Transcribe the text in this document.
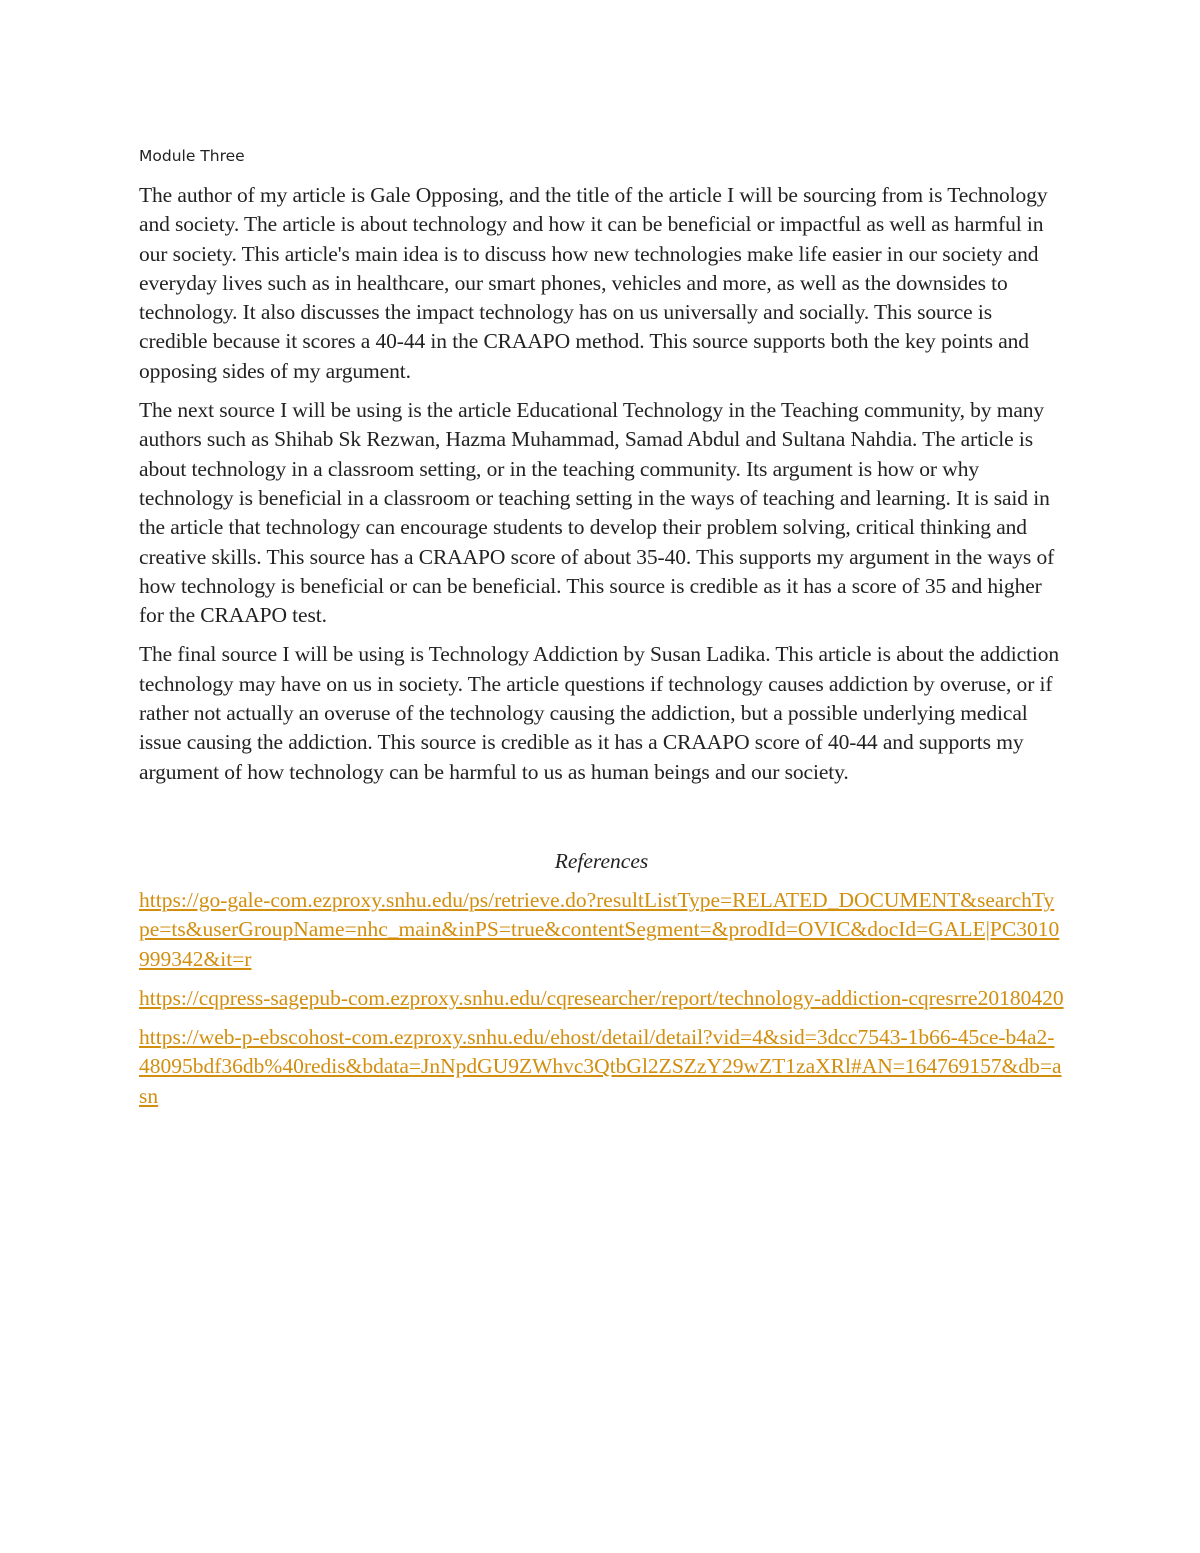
Module Three

The author of my article is Gale Opposing, and the title of the article I will be sourcing from is Technology and society. The article is about technology and how it can be beneficial or impactful as well as harmful in our society. This article's main idea is to discuss how new technologies make life easier in our society and everyday lives such as in healthcare, our smart phones, vehicles and more, as well as the downsides to technology. It also discusses the impact technology has on us universally and socially. This source is credible because it scores a 40-44 in the CRAAPO method. This source supports both the key points and opposing sides of my argument.

The next source I will be using is the article Educational Technology in the Teaching community, by many authors such as Shihab Sk Rezwan, Hazma Muhammad, Samad Abdul and Sultana Nahdia. The article is about technology in a classroom setting, or in the teaching community. Its argument is how or why technology is beneficial in a classroom or teaching setting in the ways of teaching and learning. It is said in the article that technology can encourage students to develop their problem solving, critical thinking and creative skills. This source has a CRAAPO score of about 35-40. This supports my argument in the ways of how technology is beneficial or can be beneficial. This source is credible as it has a score of 35 and higher for the CRAAPO test.

The final source I will be using is Technology Addiction by Susan Ladika. This article is about the addiction technology may have on us in society. The article questions if technology causes addiction by overuse, or if rather not actually an overuse of the technology causing the addiction, but a possible underlying medical issue causing the addiction. This source is credible as it has a CRAAPO score of 40-44 and supports my argument of how technology can be harmful to us as human beings and our society.

References

https://go-gale-com.ezproxy.snhu.edu/ps/retrieve.do?resultListType=RELATED_DOCUMENT&searchType=ts&userGroupName=nhc_main&inPS=true&contentSegment=&prodId=OVIC&docId=GALE|PC3010999342&it=r

https://cqpress-sagepub-com.ezproxy.snhu.edu/cqresearcher/report/technology-addiction-cqresrre20180420

https://web-p-ebscohost-com.ezproxy.snhu.edu/ehost/detail/detail?vid=4&sid=3dcc7543-1b66-45ce-b4a2-48095bdf36db%40redis&bdata=JnNpdGU9ZWhvc3QtbGl2ZSZzY29wZT1zaXRl#AN=164769157&db=asn
